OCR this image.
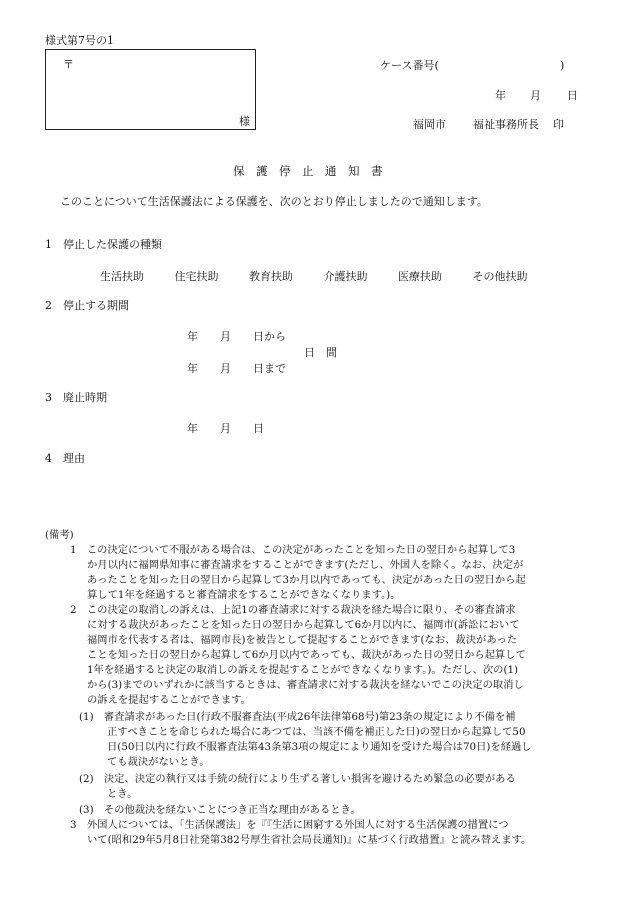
様式第7号の1
〒
様
ケース番号(	)
年 月 日
福岡市 福祉事務所長 印
保　護　停　止　通　知　書
このことについて生活保護法による保護を、次のとおり停止しましたので通知します。
1　停止した保護の種類
生活扶助	住宅扶助	教育扶助	介護扶助	医療扶助	その他扶助
2　停止する期間
年　　月　　日から
日　間
年　　月　　日まで
3　廃止時期
年　　月　　日
4　理由
(備考)
1　この決定について不服がある場合は、この決定があったことを知った日の翌日から起算して3
か月以内に福岡県知事に審査請求をすることができます(ただし、外国人を除く。なお、決定が
あったことを知った日の翌日から起算して3か月以内であっても、決定があった日の翌日から起
算して1年を経過すると審査請求をすることができなくなります。)。
2　この決定の取消しの訴えは、上記1の審査請求に対する裁決を経た場合に限り、その審査請求
に対する裁決があったことを知った日の翌日から起算して6か月以内に、福岡市(訴訟において
福岡市を代表する者は、福岡市長)を被告として提起することができます(なお、裁決があった
ことを知った日の翌日から起算して6か月以内であっても、裁決があった日の翌日から起算して
1年を経過すると決定の取消しの訴えを提起することができなくなります。)。ただし、次の(1)
から(3)までのいずれかに該当するときは、審査請求に対する裁決を経ないでこの決定の取消し
の訴えを提起することができます。
(1)　審査請求があった日(行政不服審査法(平成26年法律第68号)第23条の規定により不備を補
正すべきことを命じられた場合にあつては、当該不備を補正した日)の翌日から起算して50
日(50日以内に行政不服審査法第43条第3項の規定により通知を受けた場合は70日)を経過し
ても裁決がないとき。
(2)　決定、決定の執行又は手続の続行により生ずる著しい損害を避けるため緊急の必要がある
とき。
(3)　その他裁決を経ないことにつき正当な理由があるとき。
3　外国人については、「生活保護法」を『『生活に困窮する外国人に対する生活保護の措置につ
いて(昭和29年5月8日社発第382号厚生省社会局長通知)』に基づく行政措置』と読み替えます。
